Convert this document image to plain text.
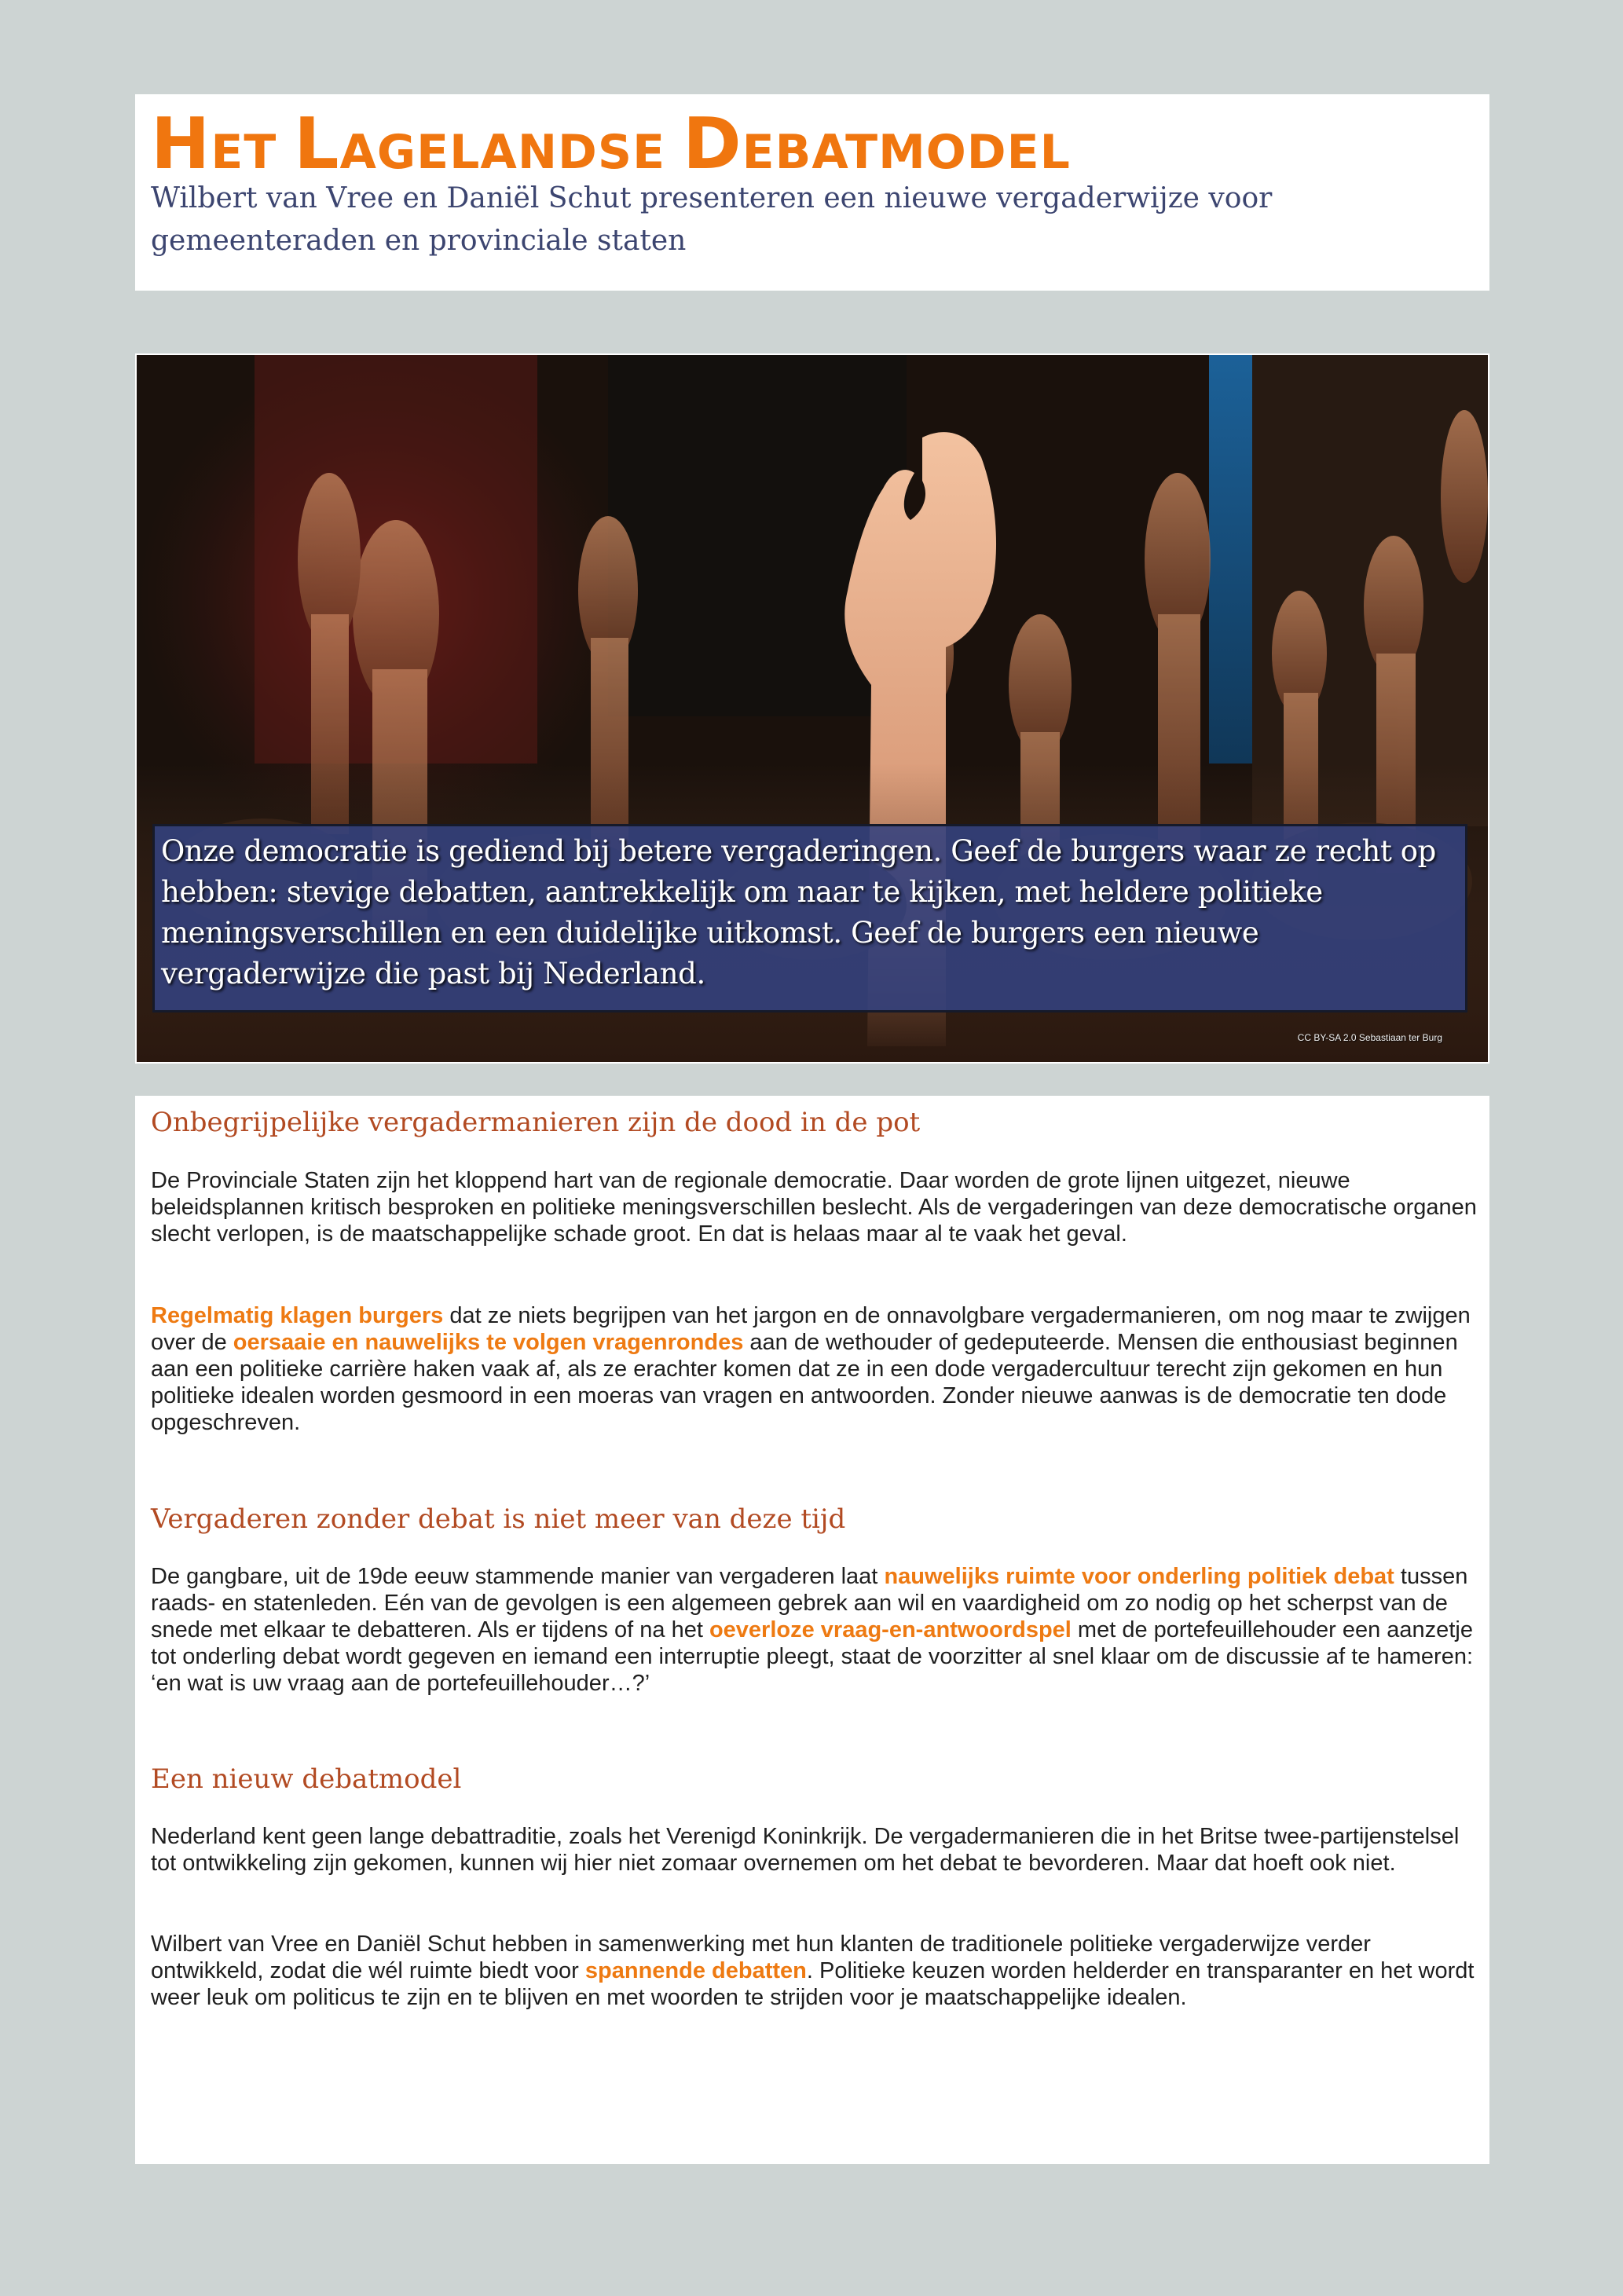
HET LAGELANDSE DEBATMODEL

Wilbert van Vree en Daniël Schut presenteren een nieuwe vergaderwijze voor gemeenteraden en provinciale staten

Onze democratie is gediend bij betere vergaderingen. Geef de burgers waar ze recht op hebben: stevige debatten, aantrekkelijk om naar te kijken, met heldere politieke meningsverschillen en een duidelijke uitkomst. Geef de burgers een nieuwe vergaderwijze die past bij Nederland.

CC BY-SA 2.0 Sebastiaan ter Burg
Onbegrijpelijke vergadermanieren zijn de dood in de pot

De Provinciale Staten zijn het kloppend hart van de regionale democratie. Daar worden de grote lijnen uitgezet, nieuwe beleidsplannen kritisch besproken en politieke meningsverschillen beslecht. Als de vergaderingen van deze democratische organen slecht verlopen, is de maatschappelijke schade groot. En dat is helaas maar al te vaak het geval.

Regelmatig klagen burgers dat ze niets begrijpen van het jargon en de onnavolgbare vergadermanieren, om nog maar te zwijgen over de oersaaie en nauwelijks te volgen vragenrondes aan de wethouder of gedeputeerde. Mensen die enthousiast beginnen aan een politieke carrière haken vaak af, als ze erachter komen dat ze in een dode vergadercultuur terecht zijn gekomen en hun politieke idealen worden gesmoord in een moeras van vragen en antwoorden. Zonder nieuwe aanwas is de democratie ten dode opgeschreven.

Vergaderen zonder debat is niet meer van deze tijd

De gangbare, uit de 19de eeuw stammende manier van vergaderen laat nauwelijks ruimte voor onderling politiek debat tussen raads- en statenleden. Eén van de gevolgen is een algemeen gebrek aan wil en vaardigheid om zo nodig op het scherpst van de snede met elkaar te debatteren. Als er tijdens of na het oeverloze vraag-en-antwoordspel met de portefeuillehouder een aanzetje tot onderling debat wordt gegeven en iemand een interruptie pleegt, staat de voorzitter al snel klaar om de discussie af te hameren: ‘en wat is uw vraag aan de portefeuillehouder…?’

Een nieuw debatmodel

Nederland kent geen lange debattraditie, zoals het Verenigd Koninkrijk. De vergadermanieren die in het Britse twee-partijenstelsel tot ontwikkeling zijn gekomen, kunnen wij hier niet zomaar overnemen om het debat te bevorderen. Maar dat hoeft ook niet.

Wilbert van Vree en Daniël Schut hebben in samenwerking met hun klanten de traditionele politieke vergaderwijze verder ontwikkeld, zodat die wél ruimte biedt voor spannende debatten. Politieke keuzen worden helderder en transparanter en het wordt weer leuk om politicus te zijn en te blijven en met woorden te strijden voor je maatschappelijke idealen.
